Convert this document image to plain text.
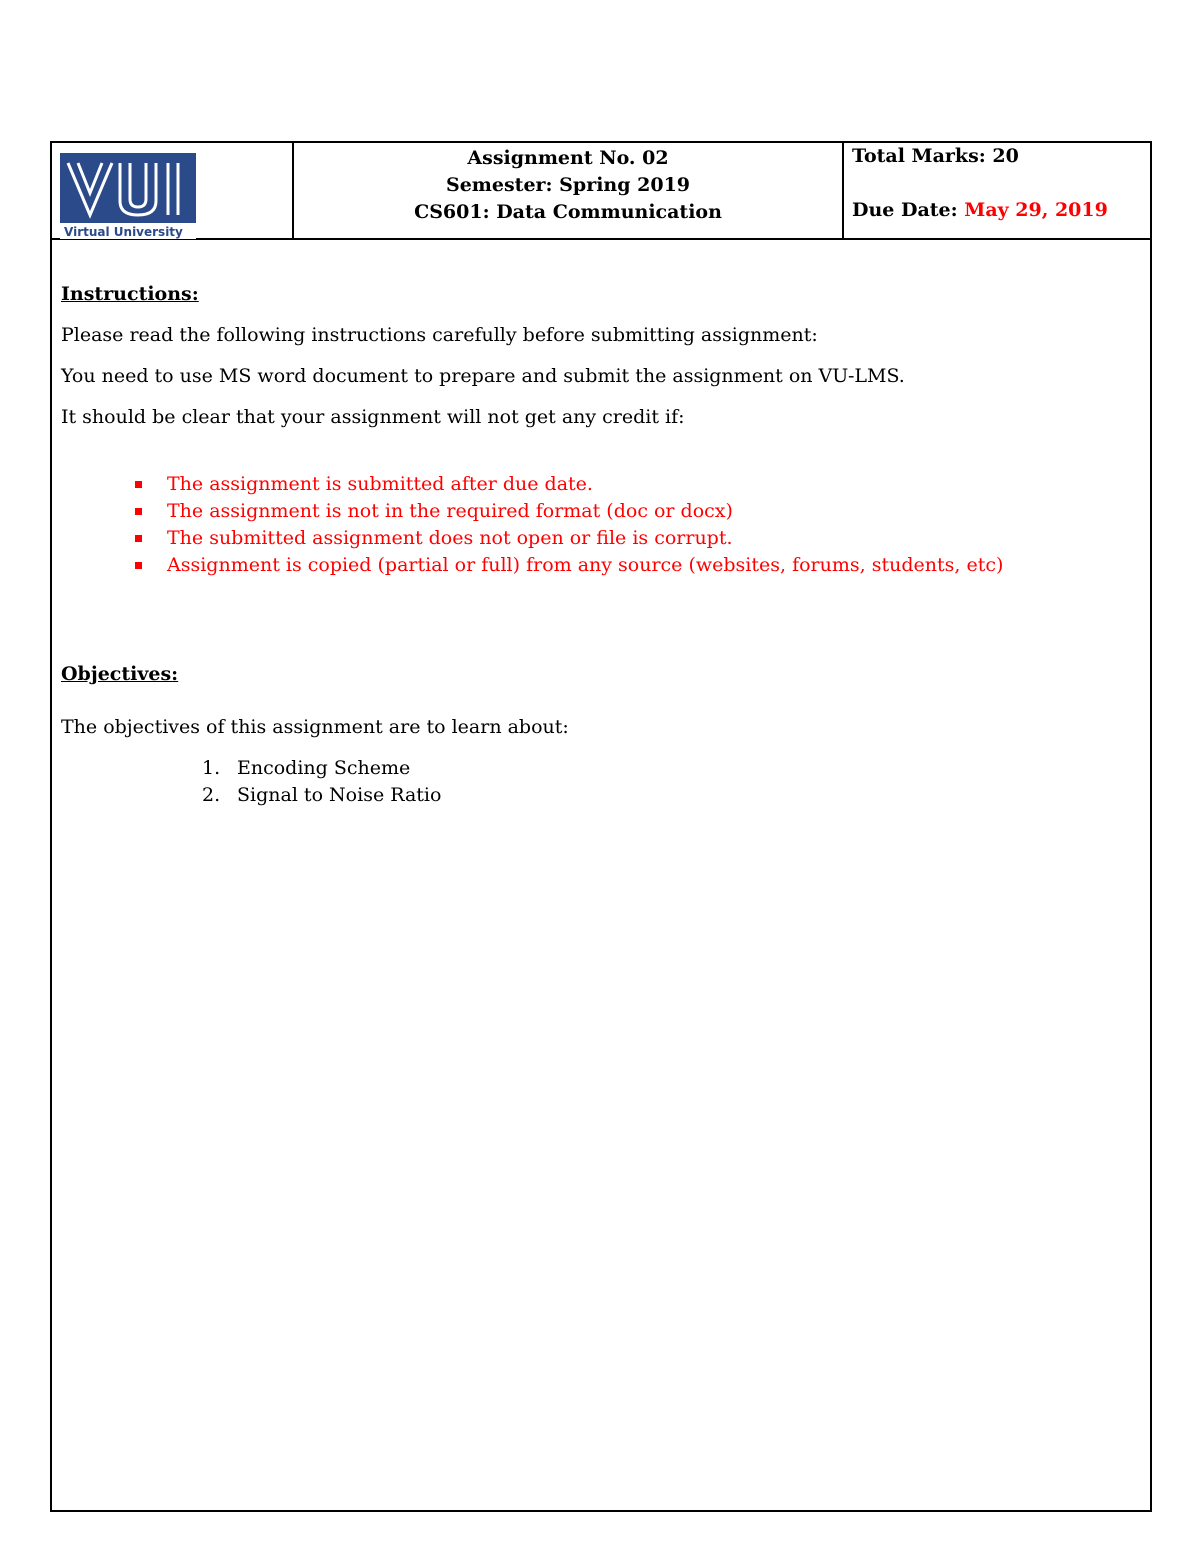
Virtual University
Assignment No. 02
Semester: Spring 2019
CS601: Data Communication
Total Marks: 20
Due Date: May 29, 2019

Instructions:

Please read the following instructions carefully before submitting assignment:

You need to use MS word document to prepare and submit the assignment on VU-LMS.

It should be clear that your assignment will not get any credit if:

The assignment is submitted after due date.
The assignment is not in the required format (doc or docx)
The submitted assignment does not open or file is corrupt.
Assignment is copied (partial or full) from any source (websites, forums, students, etc)

Objectives:

The objectives of this assignment are to learn about:

1. Encoding Scheme
2. Signal to Noise Ratio
